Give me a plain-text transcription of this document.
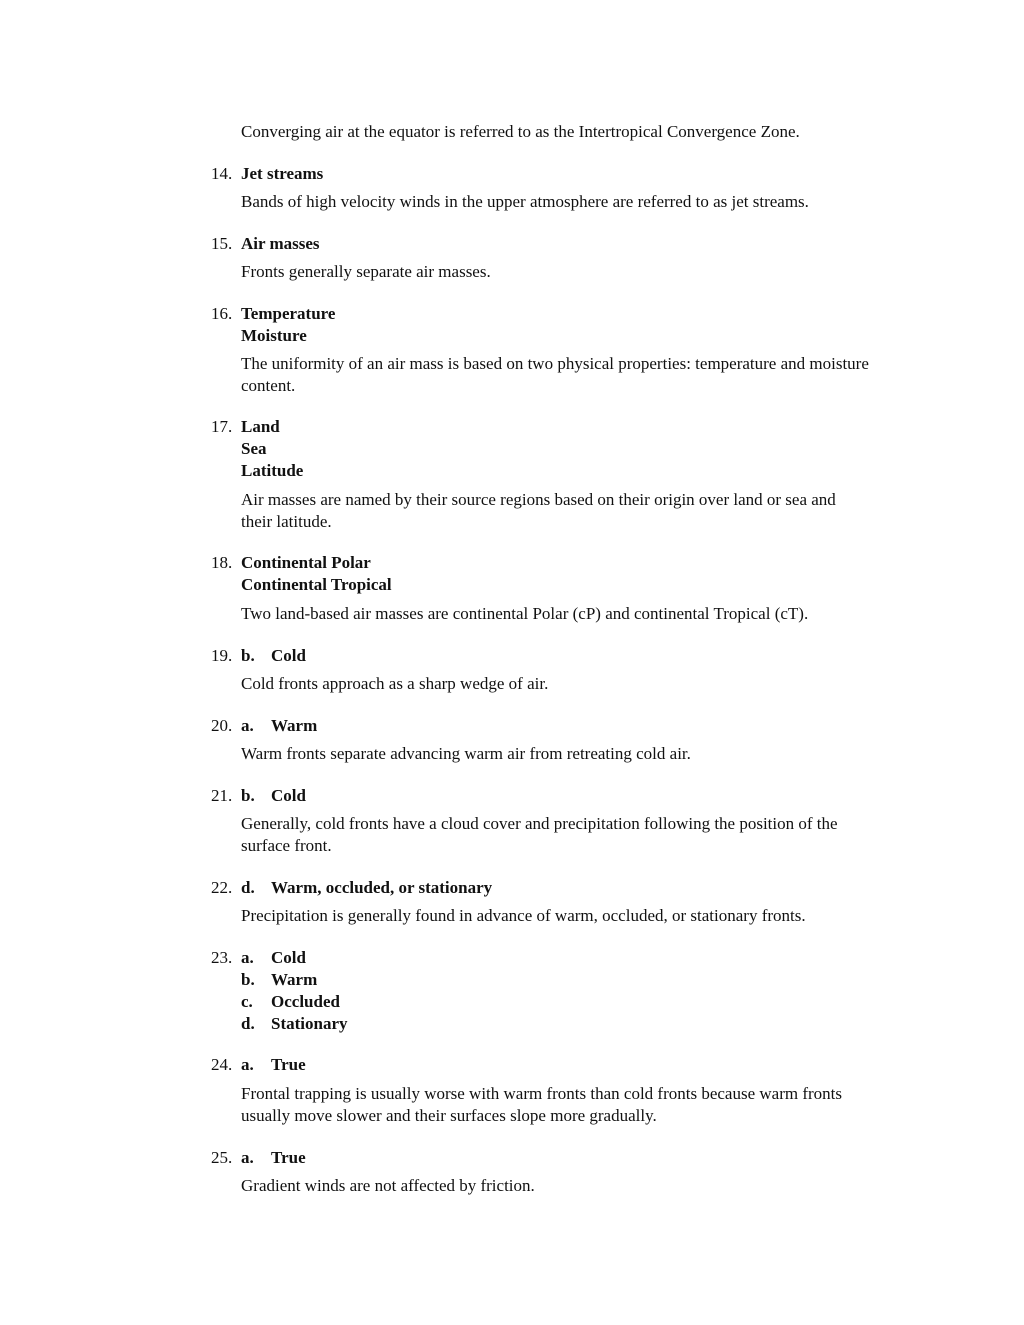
Converging air at the equator is referred to as the Intertropical Convergence Zone.

14. Jet streams

Bands of high velocity winds in the upper atmosphere are referred to as jet streams.

15. Air masses

Fronts generally separate air masses.

16. Temperature
Moisture

The uniformity of an air mass is based on two physical properties: temperature and moisture content.

17. Land
Sea
Latitude

Air masses are named by their source regions based on their origin over land or sea and their latitude.

18. Continental Polar
Continental Tropical

Two land-based air masses are continental Polar (cP) and continental Tropical (cT).

19. b. Cold

Cold fronts approach as a sharp wedge of air.

20. a. Warm

Warm fronts separate advancing warm air from retreating cold air.

21. b. Cold

Generally, cold fronts have a cloud cover and precipitation following the position of the surface front.

22. d. Warm, occluded, or stationary

Precipitation is generally found in advance of warm, occluded, or stationary fronts.

23. a. Cold
b. Warm
c. Occluded
d. Stationary
24. a. True

Frontal trapping is usually worse with warm fronts than cold fronts because warm fronts usually move slower and their surfaces slope more gradually.

25. a. True

Gradient winds are not affected by friction.
